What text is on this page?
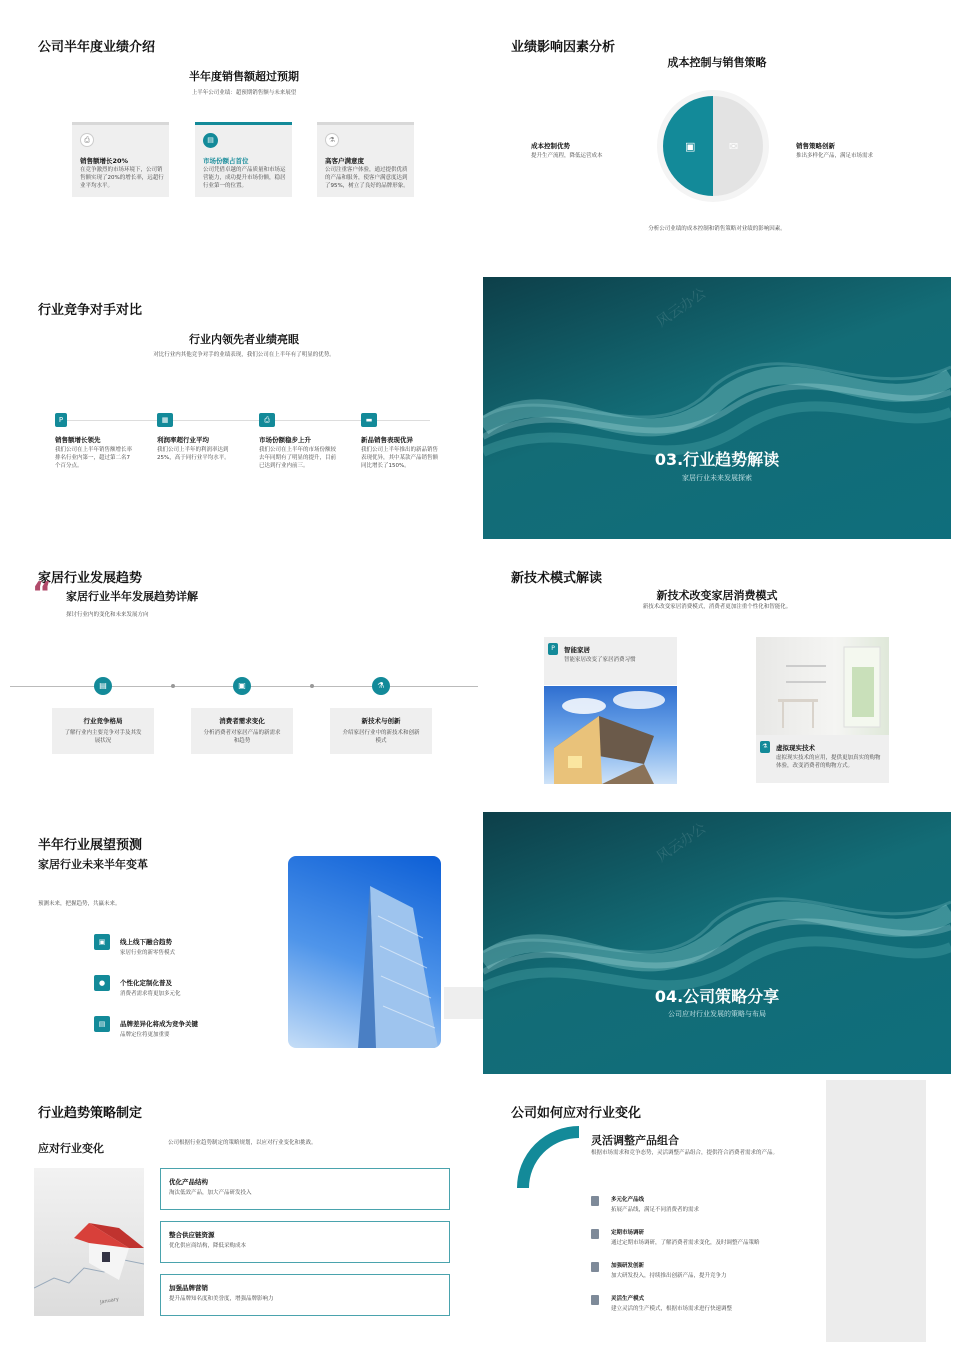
公司半年度业绩介绍
半年度销售额超过预期
上半年公司业绩：超预期销售额与未来展望
⎙
销售额增长20%
在竞争激烈的市场环境下，公司销售额实现了20%的增长率，远超行业平均水平。
▤
市场份额占首位
公司凭借卓越的产品质量和市场运营能力，成功提升市场份额，稳居行业第一的位置。
⚗
高客户满意度
公司注重客户体验，通过提供优质的产品和服务，使客户满意度达到了95%，树立了良好的品牌形象。
业绩影响因素分析
成本控制与销售策略
▣	✉
成本控制优势
提升生产流程，降低运营成本
销售策略创新
推出多样化产品，满足市场需求
分析公司业绩的成本控制和销售策略对业绩的影响因素。
行业竞争对手对比
行业内领先者业绩亮眼
对比行业内其他竞争对手的业绩表现，我们公司在上半年有了明显的优势。
P
销售额增长领先
我们公司在上半年销售额增长率排名行业内第一，超过第二名7个百分点。
▦
利润率超行业平均
我们公司上半年的利润率达到25%，高于同行业平均水平。
⎙
市场份额稳步上升
我们公司在上半年的市场份额较去年同期有了明显的提升，目前已达到行业内前三。
▬
新品销售表现优异
我们公司上半年推出的新品销售表现优异，其中某款产品销售额同比增长了150%。
风云办公
03.行业趋势解读
家居行业未来发展探索
家居行业发展趋势
“ 家居行业半年发展趋势详解
探讨行业内的变化和未来发展方向
▤
行业竞争格局
了解行业内主要竞争对手及其发展状况
▣
消费者需求变化
分析消费者对家居产品的新需求和趋势
⚗
新技术与创新
介绍家居行业中的新技术和创新模式
新技术模式解读
新技术改变家居消费模式
新技术改变家居消费模式，消费者更加注重个性化和智能化。
P	智能家居
智能家居改变了家居消费习惯
⚗	虚拟现实技术
虚拟现实技术的应用，提供更加真实的购物体验，改变消费者的购物方式。
半年行业展望预测
家居行业未来半年变革
预测未来，把握趋势，共赢未来。
▣	线上线下融合趋势
家居行业的新零售模式
●	个性化定制化普及
消费者需求将更加多元化
▤	品牌差异化将成为竞争关键
品牌定位将更加重要
风云办公
04.公司策略分享
公司应对行业发展的策略与布局
行业趋势策略制定
应对行业变化	公司根据行业趋势制定的策略规划，以应对行业变化和挑战。
January
优化产品结构
淘汰低效产品，加大产品研发投入
整合供应链资源
优化供应商结构，降低采购成本
加强品牌营销
提升品牌知名度和美誉度，增强品牌影响力
公司如何应对行业变化
灵活调整产品组合
根据市场需求和竞争态势，灵活调整产品组合，提供符合消费者需求的产品。
多元化产品线
拓展产品线，满足不同消费者的需求
定期市场调研
通过定期市场调研，了解消费者需求变化，及时调整产品策略
加强研发创新
加大研发投入，持续推出创新产品，提升竞争力
灵活生产模式
建立灵活的生产模式，根据市场需求进行快速调整
